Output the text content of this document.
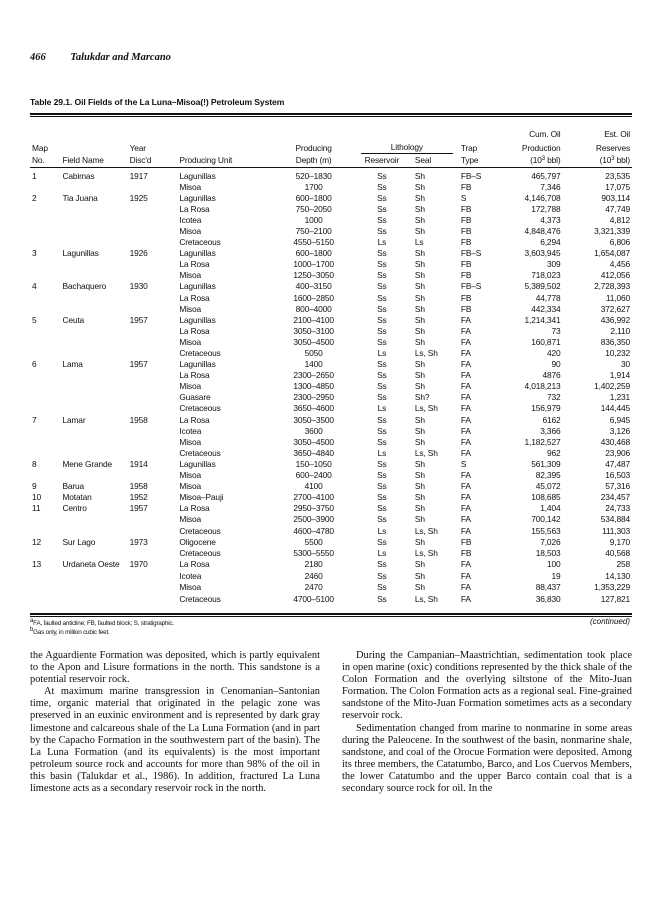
466 Talukdar and Marcano
Table 29.1. Oil Fields of the La Luna–Misoa(!) Petroleum System
								Cum. Oil	Est. Oil
Map		Year		Producing	Lithology		Trap	Production	Reserves
No.	Field Name	Disc'd	Producing Unit	Depth (m)	Reservoir	Seal	Type	($10^3$ bbl)	($10^3$ bbl)

1	Cabimas	1917	Lagunillas	520–1830	Ss	Sh	FB–S	465,797	23,535
			Misoa	1700	Ss	Sh	FB	7,346	17,075
2	Tia Juana	1925	Lagunillas	600–1800	Ss	Sh	S	4,146,708	903,114
			La Rosa	750–2050	Ss	Sh	FB	172,788	47,749
			Icotea	1000	Ss	Sh	FB	4,373	4,812
			Misoa	750–2100	Ss	Sh	FB	4,848,476	3,321,339
			Cretaceous	4550–5150	Ls	Ls	FB	6,294	6,806
3	Lagunillas	1926	Lagunillas	600–1800	Ss	Sh	FB–S	3,603,945	1,654,087
			La Rosa	1000–1700	Ss	Sh	FB	309	4,456
			Misoa	1250–3050	Ss	Sh	FB	718,023	412,056
4	Bachaquero	1930	Lagunillas	400–3150	Ss	Sh	FB–S	5,389,502	2,728,393
			La Rosa	1600–2850	Ss	Sh	FB	44,778	11,060
			Misoa	800–4000	Ss	Sh	FB	442,334	372,627
5	Ceuta	1957	Lagunillas	2100–4100	Ss	Sh	FA	1,214,341	436,992
			La Rosa	3050–3100	Ss	Sh	FA	73	2,110
			Misoa	3050–4500	Ss	Sh	FA	160,871	836,350
			Cretaceous	5050	Ls	Ls, Sh	FA	420	10,232
6	Lama	1957	Lagunillas	1400	Ss	Sh	FA	90	30
			La Rosa	2300–2650	Ss	Sh	FA	4876	1,914
			Misoa	1300–4850	Ss	Sh	FA	4,018,213	1,402,259
			Guasare	2300–2950	Ss	Sh?	FA	732	1,231
			Cretaceous	3650–4600	Ls	Ls, Sh	FA	156,979	144,445
7	Lamar	1958	La Rosa	3050–3500	Ss	Sh	FA	6162	6,945
			Icotea	3600	Ss	Sh	FA	3,366	3,126
			Misoa	3050–4500	Ss	Sh	FA	1,182,527	430,468
			Cretaceous	3650–4840	Ls	Ls, Sh	FA	962	23,906
8	Mene Grande	1914	Lagunillas	150–1050	Ss	Sh	S	561,309	47,487
			Misoa	600–2400	Ss	Sh	FA	82,395	16,503
9	Barua	1958	Misoa	4100	Ss	Sh	FA	45,072	57,316
10	Motatan	1952	Misoa–Pauji	2700–4100	Ss	Sh	FA	108,685	234,457
11	Centro	1957	La Rosa	2950–3750	Ss	Sh	FA	1,404	24,733
			Misoa	2500–3900	Ss	Sh	FA	700,142	534,884
			Cretaceous	4600–4780	Ls	Ls, Sh	FA	155,563	111,303
12	Sur Lago	1973	Oligocene	5500	Ss	Sh	FB	7,026	9,170
			Cretaceous	5300–5550	Ls	Ls, Sh	FB	18,503	40,568
13	Urdaneta Oeste	1970	La Rosa	2180	Ss	Sh	FA	100	258
			Icotea	2460	Ss	Sh	FA	19	14,130
			Misoa	2470	Ss	Sh	FA	88,437	1,353,229
			Cretaceous	4700–5100	Ss	Ls, Sh	FA	36,830	127,821
$^a$FA, faulted anticline; FB, faulted block; S, stratigraphic.
$^b$Gas only, in million cubic feet.
(continued)

the Aguardiente Formation was deposited, which is partly equivalent to the Apon and Lisure formations in the north. This sandstone is a potential reservoir rock.

At maximum marine transgression in Cenomanian–Santonian time, organic material that originated in the pelagic zone was preserved in an euxinic environment and is represented by dark gray limestone and calcareous shale of the La Luna Formation (and in part by the Capacho Formation in the southwestern part of the basin). The La Luna Formation (and its equivalents) is the most important petroleum source rock and accounts for more than 98% of the oil in this basin (Talukdar et al., 1986). In addition, fractured La Luna limestone acts as a secondary reservoir rock in the north.

During the Campanian–Maastrichtian, sedimentation took place in open marine (oxic) conditions represented by the thick shale of the Colon Formation and the overlying siltstone of the Mito-Juan Formation. The Colon Formation acts as a regional seal. Fine-grained sandstone of the Mito-Juan Formation sometimes acts as a secondary reservoir rock.

Sedimentation changed from marine to nonmarine in some areas during the Paleocene. In the southwest of the basin, nonmarine shale, sandstone, and coal of the Orocue Formation were deposited. Among its three members, the Catatumbo, Barco, and Los Cuervos Members, the lower Catatumbo and the upper Barco contain coal that is a secondary source rock for oil. In the
